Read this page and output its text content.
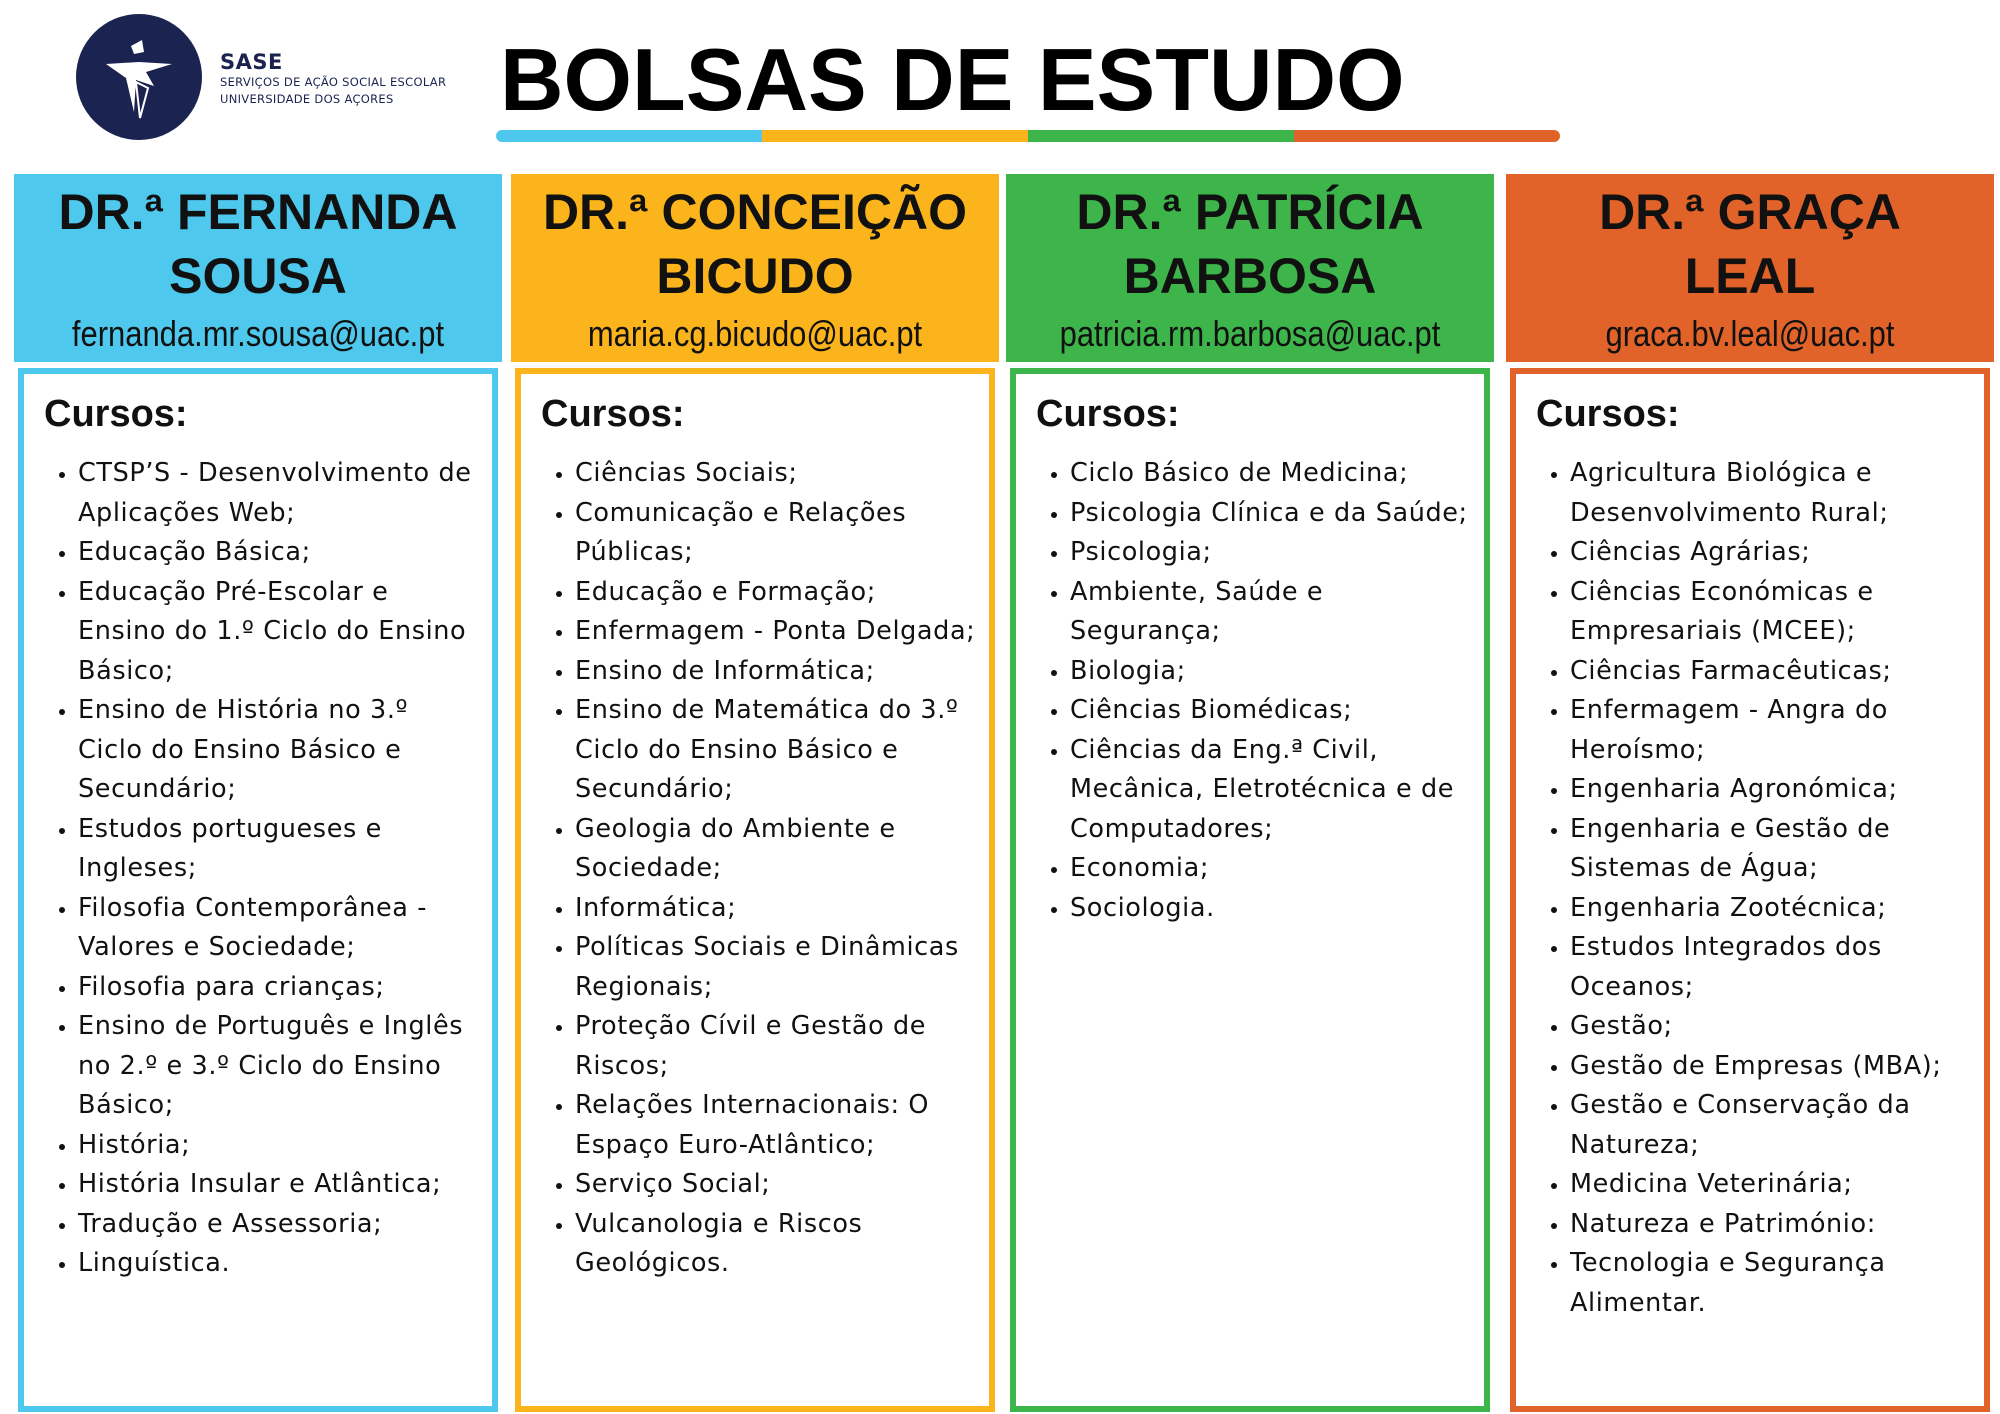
SASE
SERVIÇOS DE AÇÃO SOCIAL ESCOLAR
UNIVERSIDADE DOS AÇORES	BOLSAS DE ESTUDO
DR.ª FERNANDA
SOUSA
fernanda.mr.sousa@uac.pt
Cursos:
• CTSP’S - Desenvolvimento de Aplicações Web;
• Educação Básica;
• Educação Pré-Escolar e Ensino do 1.º Ciclo do Ensino Básico;
• Ensino de História no 3.º Ciclo do Ensino Básico e Secundário;
• Estudos portugueses e Ingleses;
• Filosofia Contemporânea - Valores e Sociedade;
• Filosofia para crianças;
• Ensino de Português e Inglês no 2.º e 3.º Ciclo do Ensino Básico;
• História;
• História Insular e Atlântica;
• Tradução e Assessoria;
• Linguística.
DR.ª CONCEIÇÃO
BICUDO
maria.cg.bicudo@uac.pt
Cursos:
• Ciências Sociais;
• Comunicação e Relações Públicas;
• Educação e Formação;
• Enfermagem - Ponta Delgada;
• Ensino de Informática;
• Ensino de Matemática do 3.º Ciclo do Ensino Básico e Secundário;
• Geologia do Ambiente e Sociedade;
• Informática;
• Políticas Sociais e Dinâmicas Regionais;
• Proteção Cívil e Gestão de Riscos;
• Relações Internacionais: O Espaço Euro-Atlântico;
• Serviço Social;
• Vulcanologia e Riscos Geológicos.
DR.ª PATRÍCIA
BARBOSA
patricia.rm.barbosa@uac.pt
Cursos:
• Ciclo Básico de Medicina;
• Psicologia Clínica e da Saúde;
• Psicologia;
• Ambiente, Saúde e Segurança;
• Biologia;
• Ciências Biomédicas;
• Ciências da Eng.ª Civil, Mecânica, Eletrotécnica e de Computadores;
• Economia;
• Sociologia.
DR.ª GRAÇA
LEAL
graca.bv.leal@uac.pt
Cursos:
• Agricultura Biológica e Desenvolvimento Rural;
• Ciências Agrárias;
• Ciências Económicas e Empresariais (MCEE);
• Ciências Farmacêuticas;
• Enfermagem - Angra do Heroísmo;
• Engenharia Agronómica;
• Engenharia e Gestão de Sistemas de Água;
• Engenharia Zootécnica;
• Estudos Integrados dos Oceanos;
• Gestão;
• Gestão de Empresas (MBA);
• Gestão e Conservação da Natureza;
• Medicina Veterinária;
• Natureza e Património:
• Tecnologia e Segurança Alimentar.
